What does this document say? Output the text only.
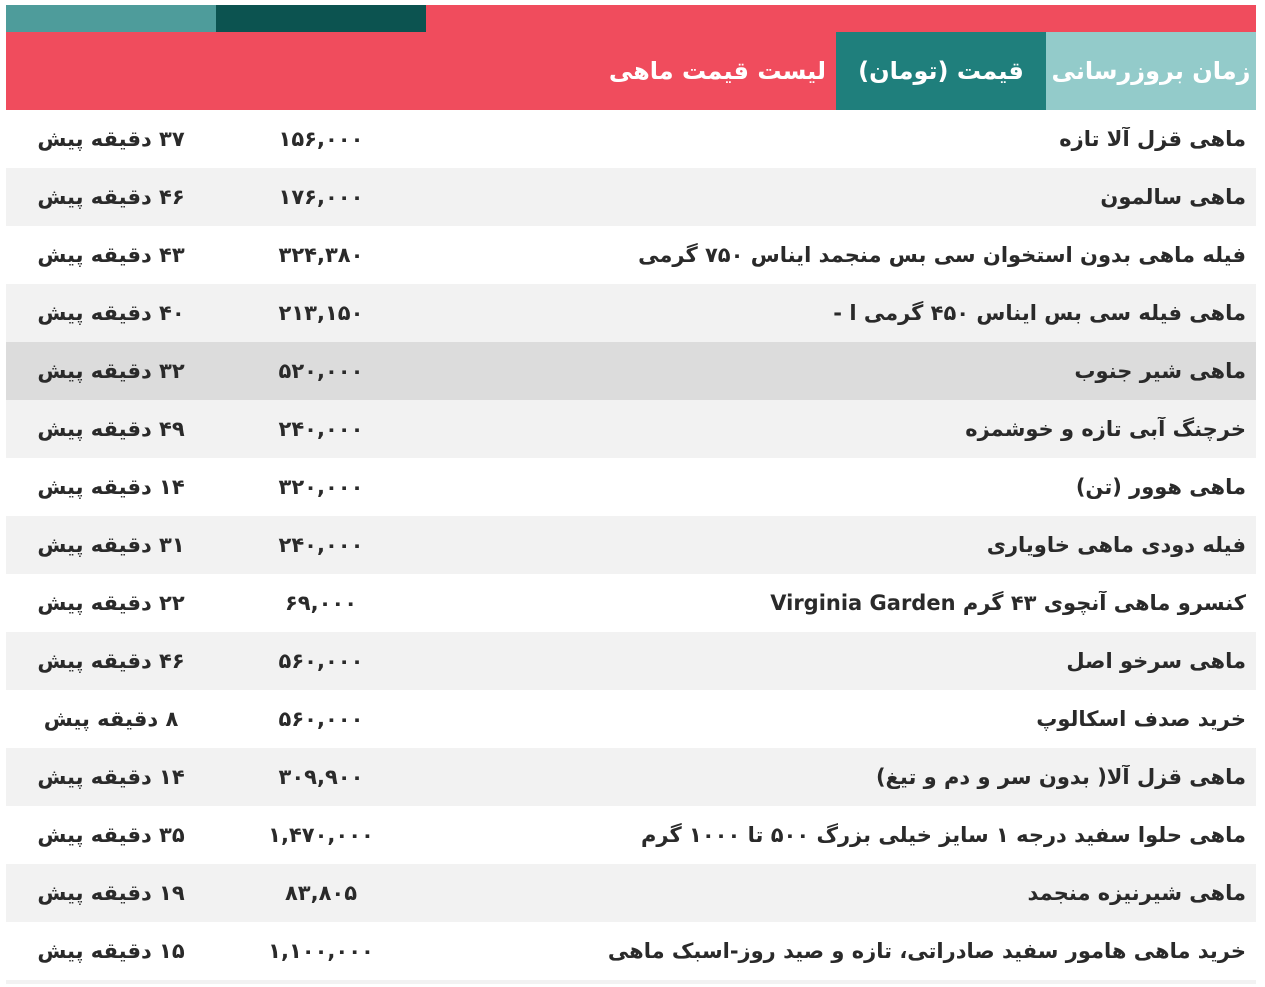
لیست قیمت ماهی	قیمت (تومان)	زمان بروزرسانی
ماهی قزل آلا تازه
۱۵۶,۰۰۰
۳۷ دقیقه پیش
ماهی سالمون
۱۷۶,۰۰۰
۴۶ دقیقه پیش
فیله ماهی بدون استخوان سی بس منجمد ایناس ۷۵۰ گرمی
۳۲۴,۳۸۰
۴۳ دقیقه پیش
ماهی فیله سی بس ایناس ۴۵۰ گرمی ا -
۲۱۳,۱۵۰
۴۰ دقیقه پیش
ماهی شیر جنوب
۵۲۰,۰۰۰
۳۲ دقیقه پیش
خرچنگ آبی تازه و خوشمزه
۲۴۰,۰۰۰
۴۹ دقیقه پیش
ماهی هوور (تن)
۳۲۰,۰۰۰
۱۴ دقیقه پیش
فیله دودی ماهی خاویاری
۲۴۰,۰۰۰
۳۱ دقیقه پیش
کنسرو ماهی آنچوی ۴۳ گرم Virginia Garden
۶۹,۰۰۰
۲۲ دقیقه پیش
ماهی سرخو اصل
۵۶۰,۰۰۰
۴۶ دقیقه پیش
خرید صدف اسکالوپ
۵۶۰,۰۰۰
۸ دقیقه پیش
ماهی قزل آلا( بدون سر و دم و تیغ)
۳۰۹,۹۰۰
۱۴ دقیقه پیش
ماهی حلوا سفید درجه ۱ سایز خیلی بزرگ ۵۰۰ تا ۱۰۰۰ گرم
۱,۴۷۰,۰۰۰
۳۵ دقیقه پیش
ماهی شیرنیزه منجمد
۸۳,۸۰۵
۱۹ دقیقه پیش
خرید ماهی هامور سفید صادراتی، تازه و صید روز-اسبک ماهی
۱,۱۰۰,۰۰۰
۱۵ دقیقه پیش
